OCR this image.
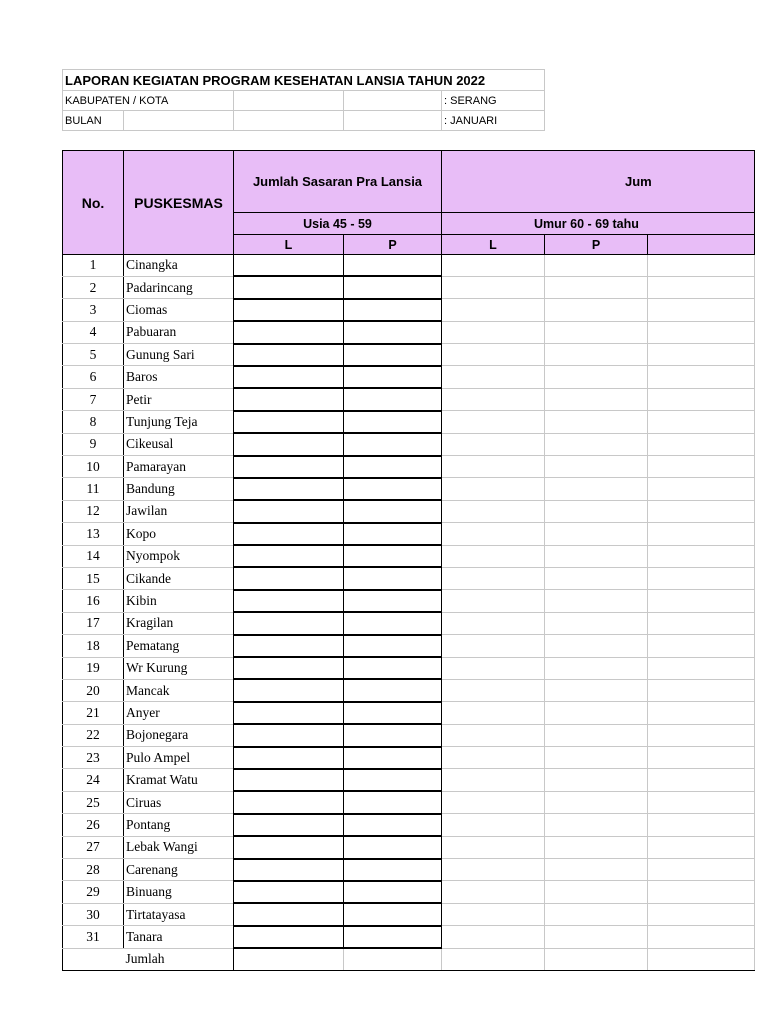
LAPORAN KEGIATAN PROGRAM KESEHATAN LANSIA TAHUN 2022				
KABUPATEN / KOTA				: SERANG
BULAN				: JANUARI
No.	PUSKESMAS	Jumlah Sasaran Pra Lansia		Jum		
		Usia 45 - 59		Umur 60 - 69 tahu		
		L	P	L	P	
1	Cinangka					
2	Padarincang					
3	Ciomas					
4	Pabuaran					
5	Gunung Sari					
6	Baros					
7	Petir					
8	Tunjung Teja					
9	Cikeusal					
10	Pamarayan					
11	Bandung					
12	Jawilan					
13	Kopo					
14	Nyompok					
15	Cikande					
16	Kibin					
17	Kragilan					
18	Pematang					
19	Wr Kurung					
20	Mancak					
21	Anyer					
22	Bojonegara					
23	Pulo Ampel					
24	Kramat Watu					
25	Ciruas					
26	Pontang					
27	Lebak Wangi					
28	Carenang					
29	Binuang					
30	Tirtatayasa					
31	Tanara					
	Jumlah					
